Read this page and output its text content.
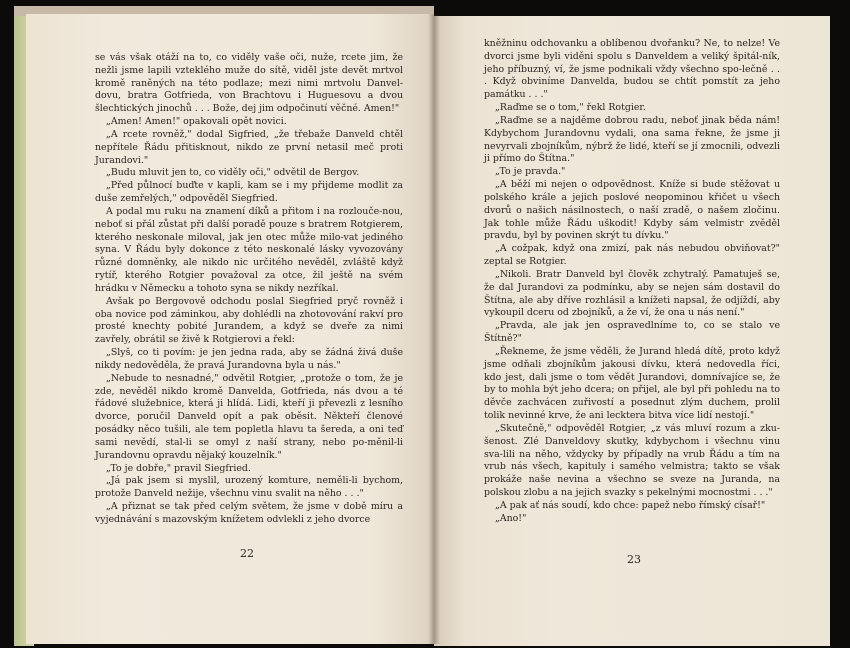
se vás však otáží na to, co viděly vaše oči, nuže, rcete jim, že nežli jsme lapili vzteklého muže do sítě, viděl jste devět mrtvol kromě raněných na této podlaze; mezi nimi mrtvolu Danvel-dovu, bratra Gotfrieda, von Brachtovu i Huguesovu a dvou šlechtických jinochů . . . Bože, dej jim odpočinutí věčné. Amen!"

„Amen! Amen!" opakovali opět novici.

„A rcete rovněž," dodal Sigfried, „že třebaže Danveld chtěl nepřítele Řádu přitisknout, nikdo ze první netasil meč proti Jurandovi."

„Budu mluvit jen to, co viděly oči," odvětil de Bergov.

„Před půlnocí buďte v kapli, kam se i my přijdeme modlit za duše zemřelých," odpověděl Siegfried.

A podal mu ruku na znamení díků a přitom i na rozlouče-nou, neboť si přál zůstat při další poradě pouze s bratrem Rotgierem, kterého neskonale miloval, jak jen otec může milo-vat jediného syna. V Řádu byly dokonce z této neskonalé lásky vyvozovány různé domněnky, ale nikdo nic určitého nevěděl, zvláště když rytíř, kterého Rotgier považoval za otce, žil ještě na svém hrádku v Německu a tohoto syna se nikdy nezříkal.

Avšak po Bergovově odchodu poslal Siegfried pryč rovněž i oba novice pod záminkou, aby dohlédli na zhotovování rakví pro prosté knechty pobité Jurandem, a když se dveře za nimi zavřely, obrátil se živě k Rotgierovi a řekl:

„Slyš, co ti povím: je jen jedna rada, aby se žádná živá duše nikdy nedověděla, že pravá Jurandovna byla u nás."

„Nebude to nesnadné," odvětil Rotgier, „protože o tom, že je zde, nevěděl nikdo kromě Danvelda, Gotfrieda, nás dvou a té řádové služebnice, která ji hlídá. Lidi, kteří ji převezli z lesního dvorce, poručil Danveld opít a pak oběsit. Někteří členové posádky něco tušili, ale tem popletla hlavu ta šereda, a oni teď sami nevědí, stal-li se omyl z naší strany, nebo po-měnil-li Jurandovnu opravdu nějaký kouzelník."

„To je dobře," pravil Siegfried.

„Já pak jsem si myslil, urozený komture, neměli-li bychom, protože Danveld nežije, všechnu vinu svalit na něho . . ."

„A přiznat se tak před celým světem, že jsme v době míru a vyjednávání s mazovským knížetem odvlekli z jeho dvorce

22

kněžninu odchovanku a oblíbenou dvořanku? Ne, to nelze! Ve dvorci jsme byli viděni spolu s Danveldem a veliký špitál-ník, jeho příbuzný, ví, že jsme podnikali vždy všechno spo-lečně . . . Když obviníme Danvelda, budou se chtít pomstít za jeho památku . . ."

„Raďme se o tom," řekl Rotgier.

„Raďme se a najděme dobrou radu, neboť jinak běda nám! Kdybychom Jurandovnu vydali, ona sama řekne, že jsme ji nevyrvali zbojníkům, nýbrž že lidé, kteří se jí zmocnili, odvezli ji přímo do Štítna."

„To je pravda."

„A běží mi nejen o odpovědnost. Kníže si bude stěžovat u polského krále a jejich poslové neopominou křičet u všech dvorů o našich násilnostech, o naší zradě, o našem zločinu. Jak tohle může Řádu uškodit! Kdyby sám velmistr zvěděl pravdu, byl by povinen skrýt tu dívku."

„A cožpak, když ona zmizí, pak nás nebudou obviňovat?" zeptal se Rotgier.

„Nikoli. Bratr Danveld byl člověk zchytralý. Pamatuješ se, že dal Jurandovi za podmínku, aby se nejen sám dostavil do Štítna, ale aby dříve rozhlásil a knížeti napsal, že odjíždí, aby vykoupil dceru od zbojníků, a že ví, že ona u nás není."

„Pravda, ale jak jen ospravedlníme to, co se stalo ve Štítně?"

„Řekneme, že jsme věděli, že Jurand hledá dítě, proto když jsme odňali zbojníkům jakousi dívku, která nedovedla říci, kdo jest, dali jsme o tom vědět Jurandovi, domnívajíce se, že by to mohla být jeho dcera; on přijel, ale byl při pohledu na to děvče zachvácen zuřivostí a posednut zlým duchem, prolil tolik nevinné krve, že ani lecktera bitva více lidí nestojí."

„Skutečně," odpověděl Rotgier, „z vás mluví rozum a zku-šenost. Zlé Danveldovy skutky, kdybychom i všechnu vinu sva-lili na něho, vždycky by případly na vrub Řádu a tím na vrub nás všech, kapituly i samého velmistra; takto se však prokáže naše nevina a všechno se sveze na Juranda, na polskou zlobu a na jejich svazky s pekelnými mocnostmi . . ."

„A pak ať nás soudí, kdo chce: papež nebo římský císař!"

„Ano!"

23
